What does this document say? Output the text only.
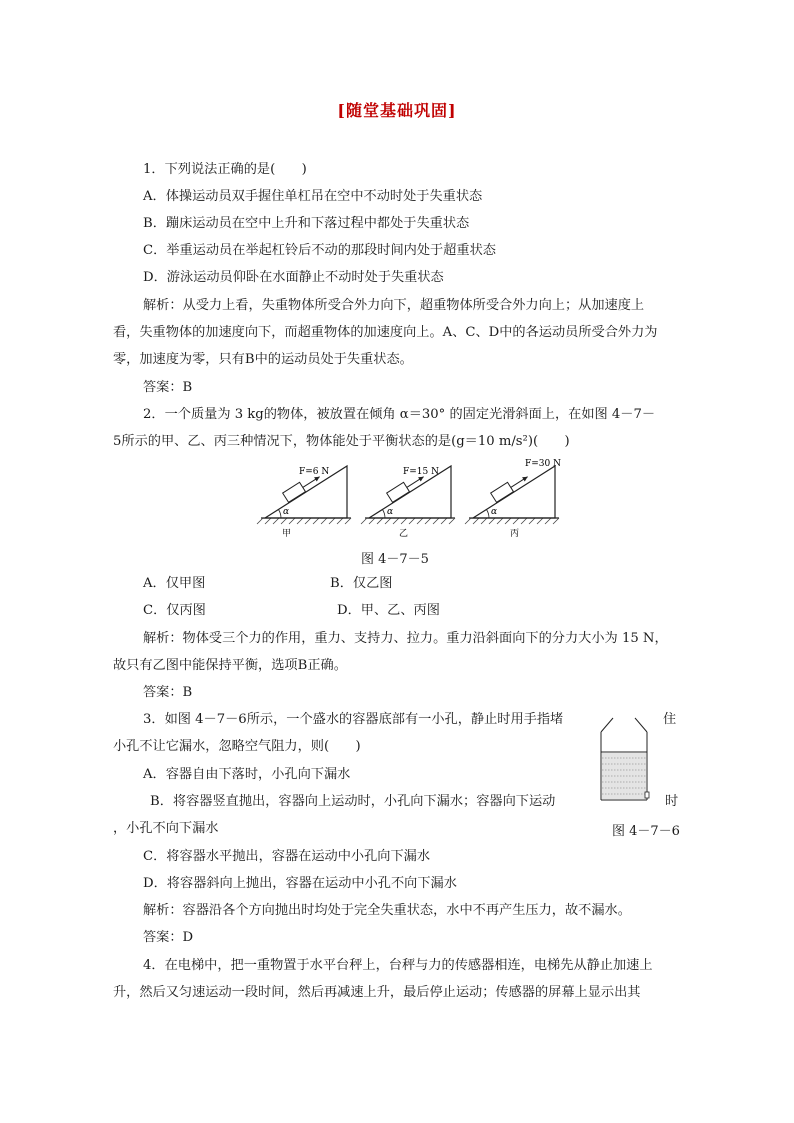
[随堂基础巩固]
1．下列说法正确的是(　　)
A．体操运动员双手握住单杠吊在空中不动时处于失重状态
B．蹦床运动员在空中上升和下落过程中都处于失重状态
C．举重运动员在举起杠铃后不动的那段时间内处于超重状态
D．游泳运动员仰卧在水面静止不动时处于失重状态
解析：从受力上看，失重物体所受合外力向下，超重物体所受合外力向上；从加速度上
看，失重物体的加速度向下，而超重物体的加速度向上。A、C、D中的各运动员所受合外力为
零，加速度为零，只有B中的运动员处于失重状态。
答案：B
2．一个质量为 3 kg的物体，被放置在倾角 α＝30° 的固定光滑斜面上，在如图 4－7－
5所示的甲、乙、丙三种情况下，物体能处于平衡状态的是(g＝10 m/s²)(　　)
α
F=6 N
甲
α
F=15 N
乙
α
F=30 N
丙
图 4－7－5
A．仅甲图	B．仅乙图
C．仅丙图	D．甲、乙、丙图
解析：物体受三个力的作用，重力、支持力、拉力。重力沿斜面向下的分力大小为 15 N，
故只有乙图中能保持平衡，选项B正确。
答案：B
3．如图 4－7－6所示，一个盛水的容器底部有一小孔，静止时用手指堵	住
小孔不让它漏水，忽略空气阻力，则(　　)
A．容器自由下落时，小孔向下漏水
B．将容器竖直抛出，容器向上运动时，小孔向下漏水；容器向下运动	时
，小孔不向下漏水	图 4－7－6
C．将容器水平抛出，容器在运动中小孔向下漏水
D．将容器斜向上抛出，容器在运动中小孔不向下漏水
解析：容器沿各个方向抛出时均处于完全失重状态，水中不再产生压力，故不漏水。
答案：D
4．在电梯中，把一重物置于水平台秤上，台秤与力的传感器相连，电梯先从静止加速上
升，然后又匀速运动一段时间，然后再减速上升，最后停止运动；传感器的屏幕上显示出其
